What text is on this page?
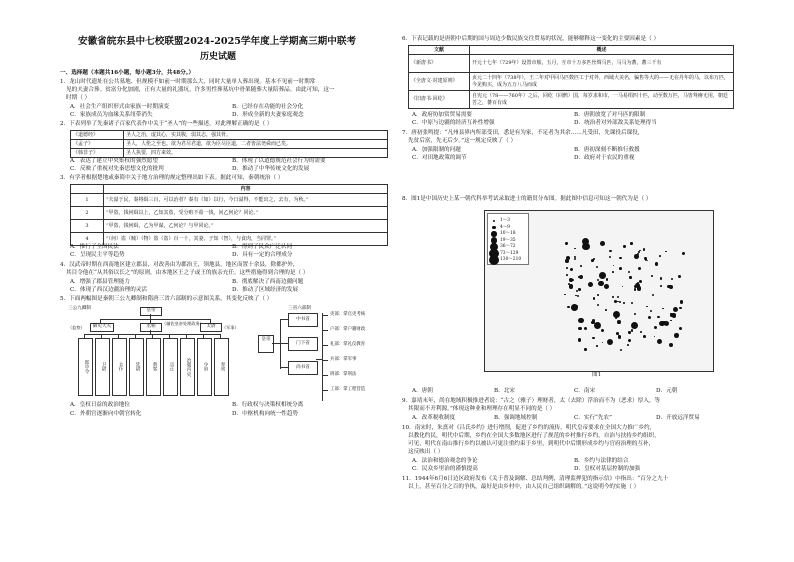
安徽省皖东县中七校联盟2024-2025学年度上学期高三期中联考
历史试题
一、选择题（本题共16小题，每小题3分，共48分。）
1．龙山时代遗址在公共墓地、但规模不如前一时期那么大，同时大量单人葬出现。基本不见前一时期常
见的夫妻合葬。贫富分化加剧，正有大量的礼器坑，许多男性葬墓坑中骨架随葬大量陪葬品。由此可知，这一
时期（ ）
A．社会生产组织形式由家族一时期演变	B．已经存在功能的社会分化
C．家族成员为血缘关系纽带消失	D．形成全新的夫妻家庭观念
2．下表列举了先秦诸子百家代表作中关于“圣人”的一些描述，对此理解正确的是（ ）
《道德经》	圣人之治，虚其心，实其腹，弱其志，强其骨。
《孟子》	圣人，人伦之至也。欲为君尽君道，欲为臣尽臣道，二者皆法尧舜而已矣。
《韩非子》	圣人执要，四方来效。
A．表达了建立中央集权的强烈愿望	B．体现了以道德规范社会行为的需要
C．反映了重视对先秦思想文化的批判	D．推动了中华传统文化的发展
3．有学者根据楚地或秦简中关于地方治理的规定整理出如下表。据此可知，秦朝统治（ ）
	内容
1	“夫溢于民，秦将缉三百，可以治者？秦有（如）以行，今日溢得，不能出之，去有，为秋。”
2	“甲盗，钱何缉以上，乙知其盗，受分赃不盈一钱，问乙何论？同论。”
3	“甲盗，钱何缉，乙为甲谋，乙何论？与甲同论。”
4	“（何）盗（贼）（物）盗（盗）百一十，其妻、子知（智），与食肉，当同罪。”
A．推行了全国民法	B．得到了民众广泛认同
C．呈现民主平等趋势	D．具有一定的合理成分
4．汉武帝时期在西南地区建立郡县，对改善由为郡治王，领地县，地区而置十余县，除都护外，
其目令他在“从其俗以长之”的原则，由本地区王之子或王的族亲充任。这些措施得到合理的是（ ）
A．增强了郡县管理能力	B．彻底解决了西南边疆问题
C．体现了西汉边疆治理的灵活	D．推动了区域经济的发展
5．下面两幅图是秦朝三公九卿制和隋唐三省六部制的示意图关系，其变化反映了（ ）
三公九卿制	三省六部制
皇帝
御史大夫	丞相	太尉
（辅佐皇帝处理政务）
（军事）
（监察）
郎中令	卫尉	太仆	廷尉	典客	宗正	治粟内史	少府	奉常
皇帝
中书省
门下省
尚书省
吏部：掌官吏考核
户部：掌户籍财政
礼部：掌礼仪教育
兵部：掌军事
刑部：掌刑法
工部：掌工程营造
A．皇权日益的政治地位	B．行政权与决策权相统分离
C．外朝官逐渐向中朝官转化	D．中枢机构向统一性趋势
6．下表记载的是唐朝中后期的国与周边少数民族交往贸易的状况，能够解释这一变化的主要因素是（ ）
文献	概述
《新唐书》	开元十七年（729年）设置市舶，五月，互市十万多匹丝绸马匹，马马为蕃，蕃三千有
《全唐文·封建原则》	贞元二十四年（738年），王二年对甲回马匹数匹工于对外，西域大美名，骗售等大的——无在丹年的马，以布万匹，今见购买，成为五万八马而成
《旧唐书·回纥》	自宪元（78——760年）之后，回纥（回鹘）国，每岁求和市，一马易绢四十匹，动至数万匹，马皆驽瘠无用，朝廷苦之，蕃百有成
A．政府协加赏贸易需要	B．唐朝放宽了对马匹的限制
C．中原与边疆的经济互补性增强	D．统治者对外部敌关系处理得当
7．唐初张鸣提：“凡州县界内所部受田，悉是有为家，不足者为其余……凡受田，先课役后课役，
先贫后富，先无后少。”这一规定反映了（ ）
A．加强限制的问题	B．唐初深刻不断推行救援
C．对田地政策的调节	D．政府对于农民的重视
8．图1是中国历史上某一朝代科举考试录取进士的籍贯分布图。据此图中信息可知这一朝代为是（ ）
1～3
4～9
10～18
19～35
36～72
73～129
130～210
图1
A．唐朝	B．北宋	C．南宋	D．元朝
9．嘉靖末年，尚在地域积极推进者说：“古之（雅子）理财者，太（去除）浮治而不为（恶求）厚入，等
其限而不开利源。”体现这种业和理理存在明显不同的是（ ）
A．改革税收制度	B．强调地域控制	C．实行“先农”	D．开放远洋贸易
10．南宋时，朱熹对《吕氏乡约》进行增削，促进了乡约的流传，明代皇帝要求在全国大力推广乡约，
以教化约民，明代中后期，乡约在全国大多数地区进行了规范的乡村推行乡约。自治与扶持乡约组织，
可见，明代在南山推行乡约以被认可更注重约束于乡里，到明代中后期形成乡约与官府治理的互补，
这反映出（ ）
A．法治和德治观念的争论	B．乡约与法律的结合
C．民众乡里治的谨慎提高	D．皇权对基层控制的加强
11．1944年6月6日边区政府发布《关于普及调解、总结判例，清理监押犯的指示信》中指出：“百分之九十
以上，甚至百分之百的争执，最好是由乡村中，由人民自己组织调解的。”这说明今的实施（ ）
